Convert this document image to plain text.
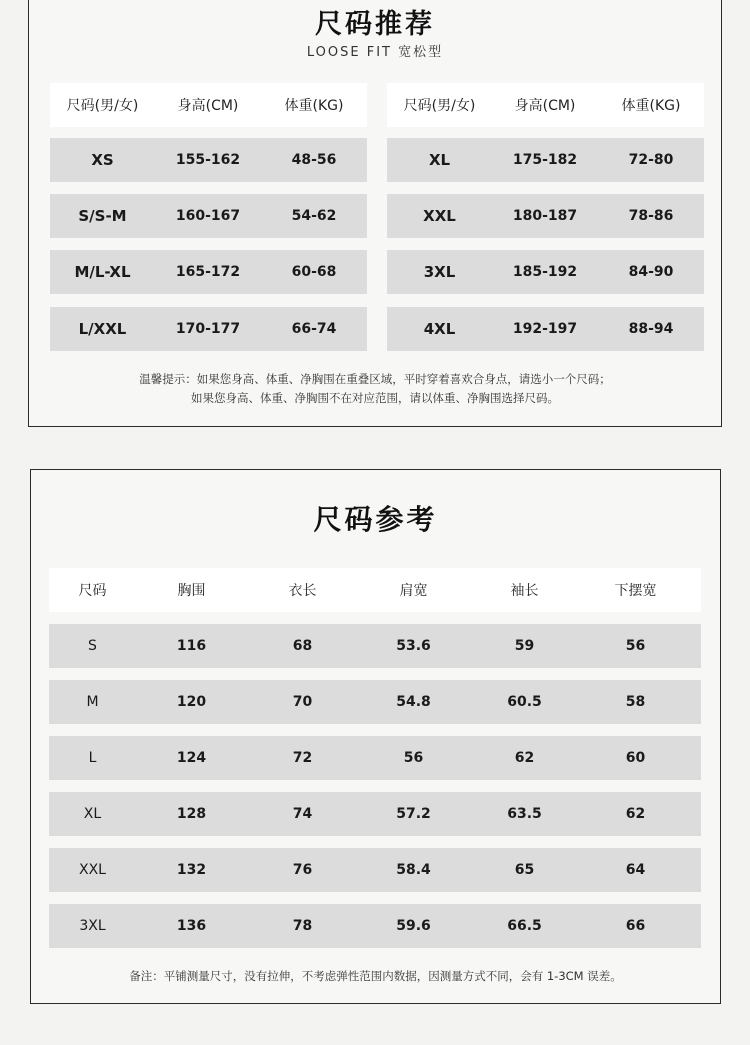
尺码推荐
LOOSE FIT 宽松型
尺码(男/女)	身高(CM)	体重(KG)	尺码(男/女)	身高(CM)	体重(KG)
XS	155-162	48-56
S/S-M	160-167	54-62
M/L-XL	165-172	60-68
L/XXL	170-177	66-74
XL	175-182	72-80
XXL	180-187	78-86
3XL	185-192	84-90
4XL	192-197	88-94
温馨提示：如果您身高、体重、净胸围在重叠区域，平时穿着喜欢合身点，请选小一个尺码；
如果您身高、体重、净胸围不在对应范围，请以体重、净胸围选择尺码。
尺码参考
尺码	胸围	衣长	肩宽	袖长	下摆宽
S	116	68	53.6	59	56
M	120	70	54.8	60.5	58
L	124	72	56	62	60
XL	128	74	57.2	63.5	62
XXL	132	76	58.4	65	64
3XL	136	78	59.6	66.5	66
备注：平铺测量尺寸，没有拉伸，不考虑弹性范围内数据，因测量方式不同，会有 1-3CM 误差。
